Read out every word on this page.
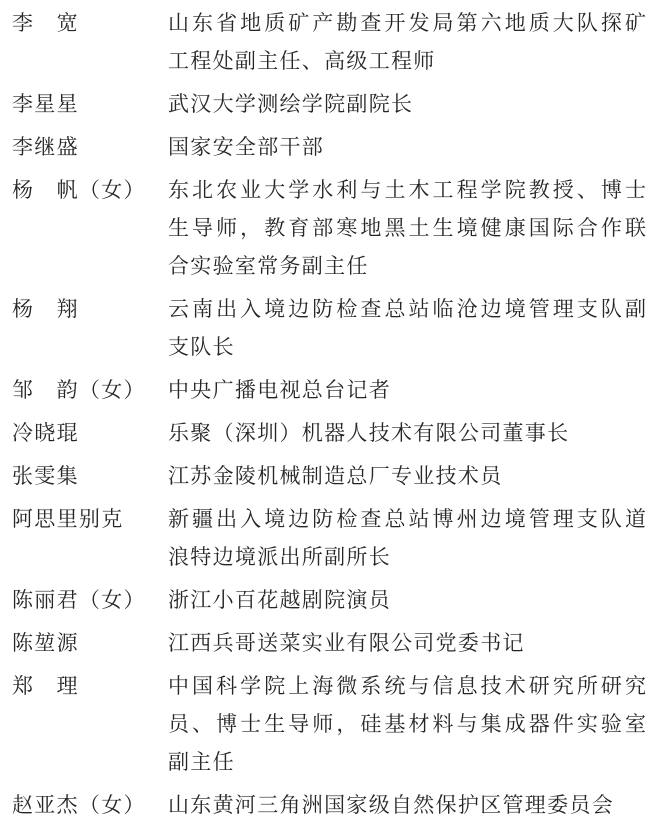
李　宽	山东省地质矿产勘查开发局第六地质大队探矿
工程处副主任、高级工程师
李星星	武汉大学测绘学院副院长
李继盛	国家安全部干部
杨　帆（女）	东北农业大学水利与土木工程学院教授、博士
生导师，教育部寒地黑土生境健康国际合作联
合实验室常务副主任
杨　翔	云南出入境边防检查总站临沧边境管理支队副
支队长
邹　韵（女）	中央广播电视总台记者
冷晓琨	乐聚（深圳）机器人技术有限公司董事长
张雯集	江苏金陵机械制造总厂专业技术员
阿思里别克	新疆出入境边防检查总站博州边境管理支队道
浪特边境派出所副所长
陈丽君（女）	浙江小百花越剧院演员
陈堃源	江西兵哥送菜实业有限公司党委书记
郑　理	中国科学院上海微系统与信息技术研究所研究
员、博士生导师，硅基材料与集成器件实验室
副主任
赵亚杰（女）	山东黄河三角洲国家级自然保护区管理委员会
